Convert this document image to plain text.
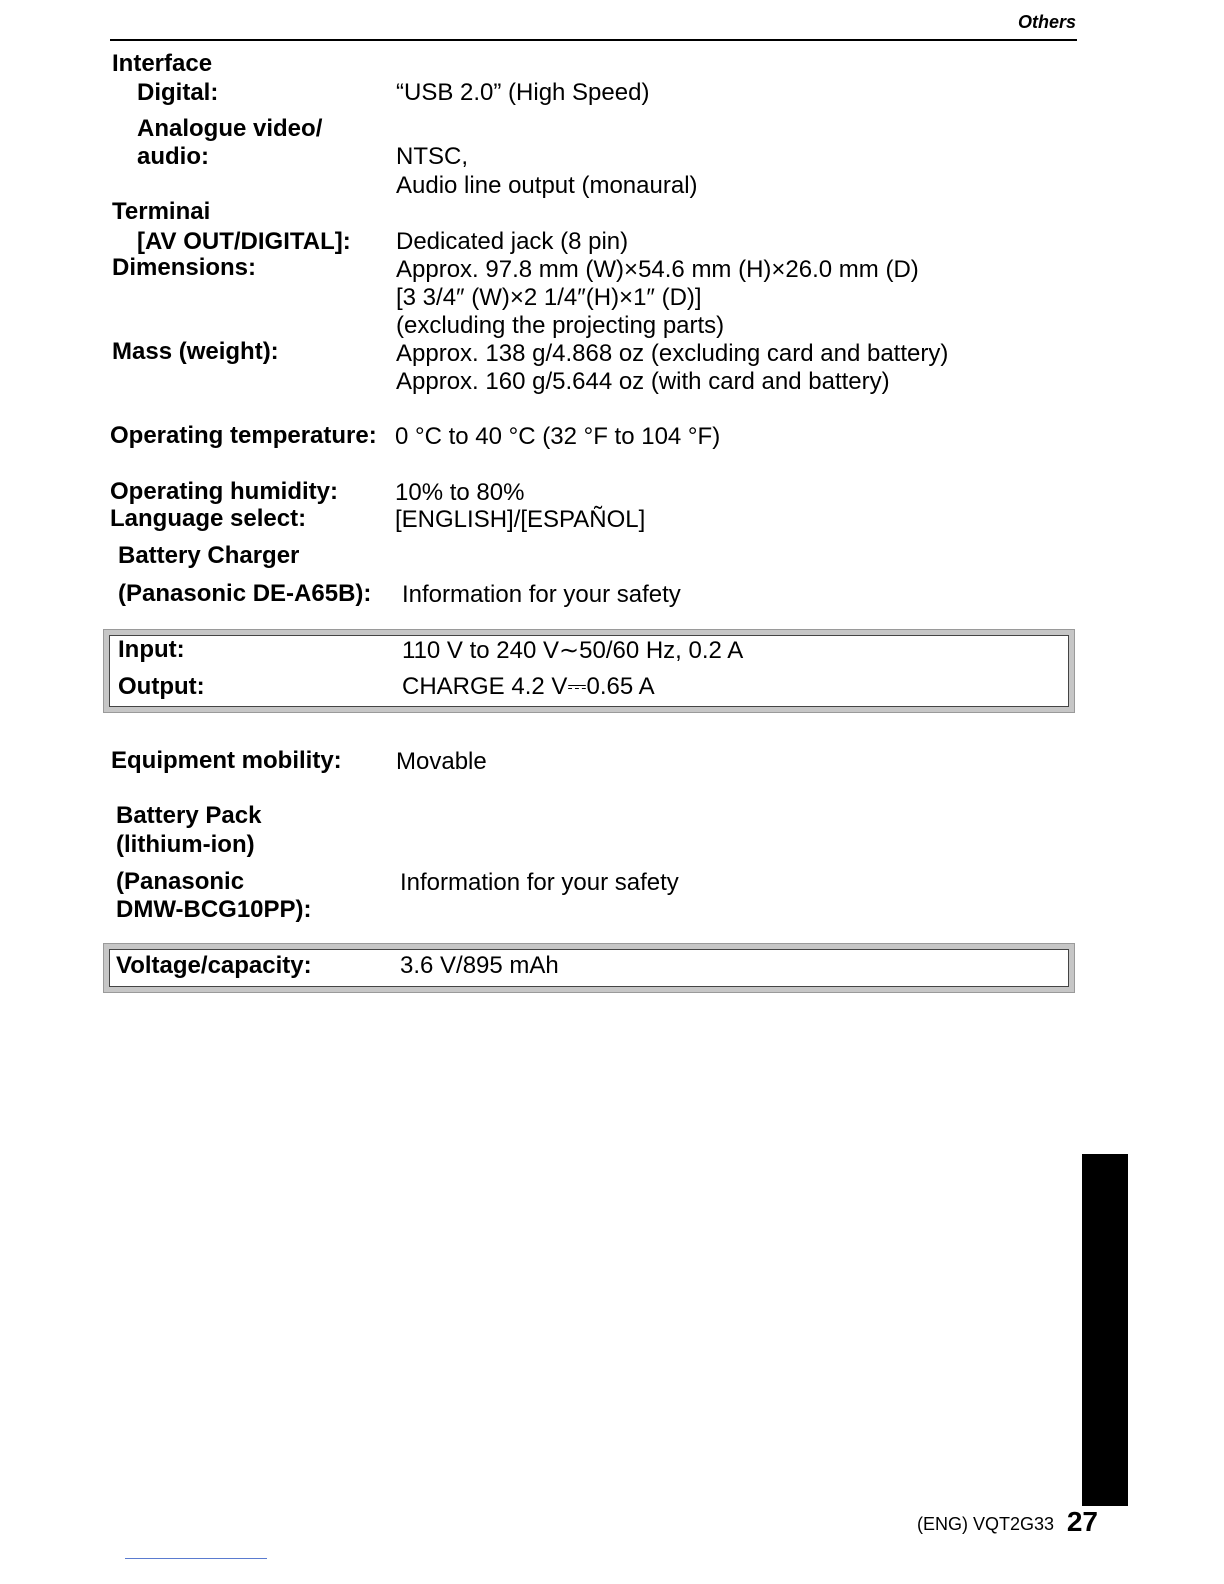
Others
Interface
Digital:	“USB 2.0” (High Speed)
Analogue video/
audio:	NTSC,
Audio line output (monaural)
Terminai
[AV OUT/DIGITAL]: Dedicated jack (8 pin)
Dimensions:	Approx. 97.8 mm (W)×54.6 mm (H)×26.0 mm (D)
[3 3/4″ (W)×2 1/4″(H)×1″ (D)]
(excluding the projecting parts)
Mass (weight):	Approx. 138 g/4.868 oz (excluding card and battery)
Approx. 160 g/5.644 oz (with card and battery)
Operating temperature: 0 °C to 40 °C (32 °F to 104 °F)
Operating humidity: 10% to 80%
Language select:	[ENGLISH]/[ESPAÑOL]
Battery Charger
(Panasonic DE-A65B): Information for your safety
Input:	110 V to 240 V∼50/60 Hz, 0.2 A
Output:	CHARGE 4.2 V⎓0.65 A
Equipment mobility: Movable
Battery Pack
(lithium-ion)
(Panasonic
DMW-BCG10PP):
Information for your safety
Voltage/capacity:	3.6 V/895 mAh
(ENG) VQT2G33 27
